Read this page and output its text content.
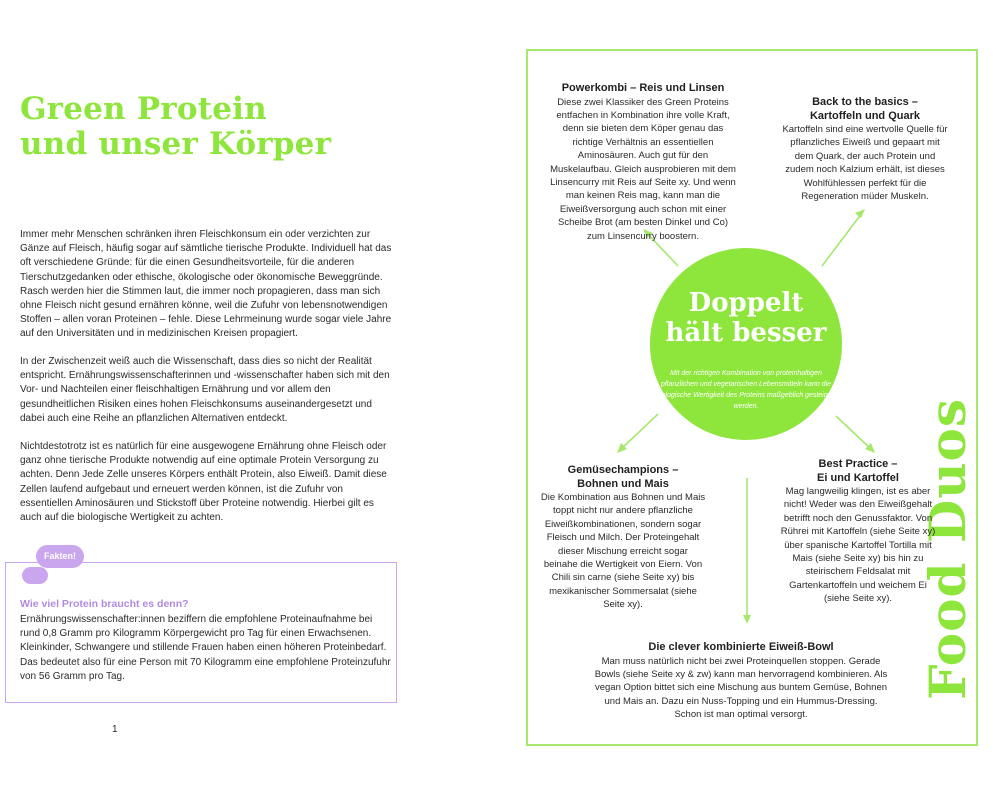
Green Protein
und unser Körper

Immer mehr Menschen schränken ihren Fleischkonsum ein oder verzichten zur Gänze auf Fleisch, häufig sogar auf sämtliche tierische Produkte. Individuell hat das oft verschiedene Gründe: für die einen Gesundheitsvorteile, für die anderen Tierschutzgedanken oder ethische, ökologische oder ökonomische Beweggründe. Rasch werden hier die Stimmen laut, die immer noch propagieren, dass man sich ohne Fleisch nicht gesund ernähren könne, weil die Zufuhr von lebensnotwendigen Stoffen – allen voran Proteinen – fehle. Diese Lehrmeinung wurde sogar viele Jahre auf den Universitäten und in medizinischen Kreisen propagiert.

In der Zwischenzeit weiß auch die Wissenschaft, dass dies so nicht der Realität entspricht. Ernährungswissenschafterinnen und -wissenschafter haben sich mit den Vor- und Nachteilen einer fleischhaltigen Ernährung und vor allem den gesundheitlichen Risiken eines hohen Fleischkonsums auseinandergesetzt und dabei auch eine Reihe an pflanzlichen Alternativen entdeckt.

Nichtdestotrotz ist es natürlich für eine ausgewogene Ernährung ohne Fleisch oder ganz ohne tierische Produkte notwendig auf eine optimale Protein Versorgung zu achten. Denn Jede Zelle unseres Körpers enthält Protein, also Eiweiß. Damit diese Zellen laufend aufgebaut und erneuert werden können, ist die Zufuhr von essentiellen Aminosäuren und Stickstoff über Proteine notwendig. Hierbei gilt es auch auf die biologische Wertigkeit zu achten.

Fakten!
Wie viel Protein braucht es denn?

Ernährungswissenschafter:innen beziffern die empfohlene Proteinaufnahme bei rund 0,8 Gramm pro Kilogramm Körpergewicht pro Tag für einen Erwachsenen. Kleinkinder, Schwangere und stillende Frauen haben einen höheren Proteinbedarf. Das bedeutet also für eine Person mit 70 Kilogramm eine empfohlene Proteinzufuhr von 56 Gramm pro Tag.

1
Food Duos
Doppelt
hält besser

Mit der richtigen Kombination von proteinhaltigen pflanzlichen und vegetarischen Lebensmitteln kann die biologische Wertigkeit des Proteins maßgeblich gesteigert werden.

Powerkombi – Reis und Linsen

Diese zwei Klassiker des Green Proteins entfachen in Kombination ihre volle Kraft, denn sie bieten dem Köper genau das richtige Verhältnis an essentiellen Aminosäuren. Auch gut für den Muskelaufbau. Gleich ausprobieren mit dem Linsencurry mit Reis auf Seite xy. Und wenn man keinen Reis mag, kann man die Eiweißversorgung auch schon mit einer Scheibe Brot (am besten Dinkel und Co) zum Linsencurry boostern.

Back to the basics –
Kartoffeln und Quark

Kartoffeln sind eine wertvolle Quelle für pflanzliches Eiweiß und gepaart mit dem Quark, der auch Protein und zudem noch Kalzium erhält, ist dieses Wohlfühlessen perfekt für die Regeneration müder Muskeln.

Gemüsechampions –
Bohnen und Mais

Die Kombination aus Bohnen und Mais toppt nicht nur andere pflanzliche Eiweißkombinationen, sondern sogar Fleisch und Milch. Der Proteingehalt dieser Mischung erreicht sogar beinahe die Wertigkeit von Eiern. Von Chili sin carne (siehe Seite xy) bis mexikanischer Sommersalat (siehe Seite xy).

Best Practice –
Ei und Kartoffel

Mag langweilig klingen, ist es aber nicht! Weder was den Eiweißgehalt betrifft noch den Genussfaktor. Von Rührei mit Kartoffeln (siehe Seite xy) über spanische Kartoffel Tortilla mit Mais (siehe Seite xy) bis hin zu steirischem Feldsalat mit Gartenkartoffeln und weichem Ei (siehe Seite xy).

Die clever kombinierte Eiweiß-Bowl

Man muss natürlich nicht bei zwei Proteinquellen stoppen. Gerade Bowls (siehe Seite xy & zw) kann man hervorragend kombinieren. Als vegan Option bittet sich eine Mischung aus buntem Gemüse, Bohnen und Mais an. Dazu ein Nuss-Topping und ein Hummus-Dressing. Schon ist man optimal versorgt.
